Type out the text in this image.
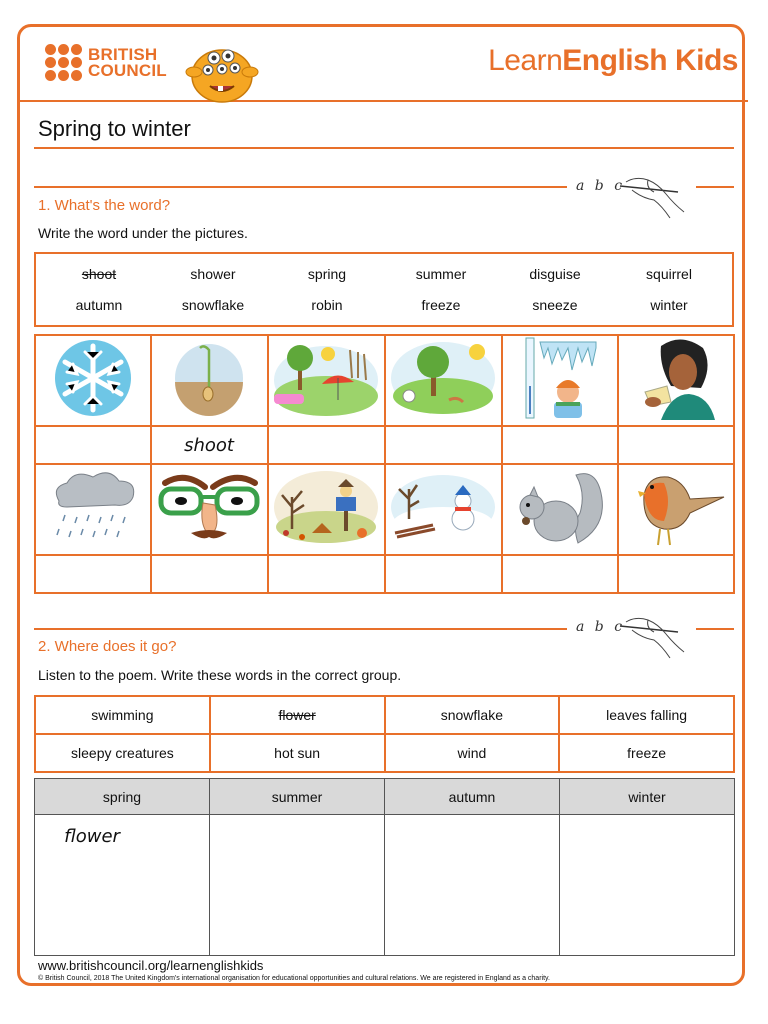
BRITISH
COUNCIL	LearnEnglish Kids
Spring to winter
a b c
1. What's the word?
Write the word under the pictures.
shoot	shower	spring	summer	disguise	squirrel
autumn	snowflake	robin	freeze	sneeze	winter

	shoot				

a b c
2. Where does it go?
Listen to the poem. Write these words in the correct group.
swimming	flower	snowflake	leaves falling
sleepy creatures	hot sun	wind	freeze
spring	summer	autumn	winter

flower			

www.britishcouncil.org/learnenglishkids
© British Council, 2018 The United Kingdom's international organisation for educational opportunities and cultural relations. We are registered in England as a charity.
